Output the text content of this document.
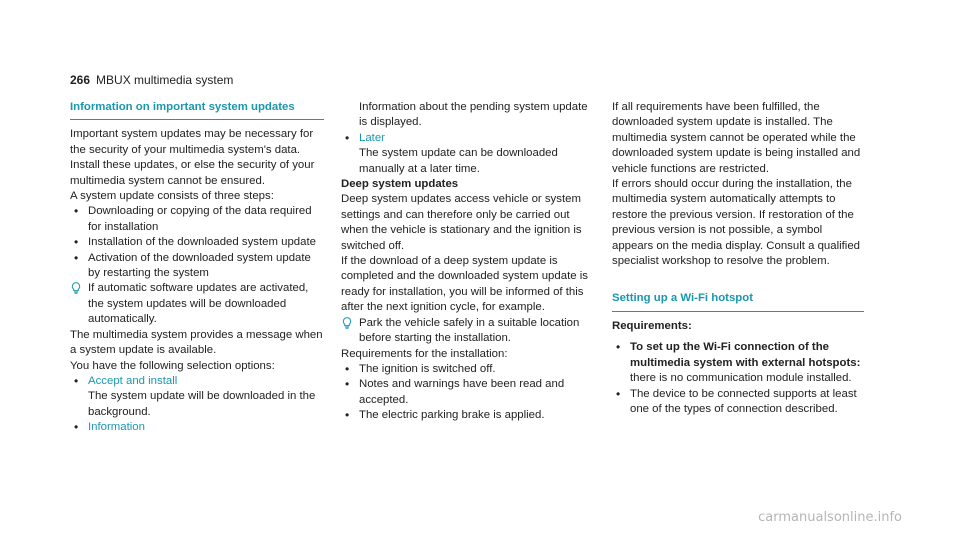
266 MBUX multimedia system
Information on important system updates

Important system updates may be necessary for the security of your multimedia system's data. Install these updates, or else the security of your multimedia system cannot be ensured.

A system update consists of three steps:

• Downloading or copying of the data required for installation
• Installation of the downloaded system update
• Activation of the downloaded system update by restarting the system
If automatic software updates are activated, the system updates will be downloaded automatically.

The multimedia system provides a message when a system update is available.

You have the following selection options:

• Accept and install

The system update will be downloaded in the background.

• Information

Information about the pending system update is displayed.

• Later

The system update can be downloaded manually at a later time.

Deep system updates

Deep system updates access vehicle or system settings and can therefore only be carried out when the vehicle is stationary and the ignition is switched off.

If the download of a deep system update is completed and the downloaded system update is ready for installation, you will be informed of this after the next ignition cycle, for example.

Park the vehicle safely in a suitable location before starting the installation.

Requirements for the installation:

• The ignition is switched off.
• Notes and warnings have been read and accepted.
• The electric parking brake is applied.

If all requirements have been fulfilled, the downloaded system update is installed. The multimedia system cannot be operated while the downloaded system update is being installed and vehicle functions are restricted.

If errors should occur during the installation, the multimedia system automatically attempts to restore the previous version. If restoration of the previous version is not possible, a symbol appears on the media display. Consult a qualified specialist workshop to resolve the problem.

Setting up a Wi-Fi hotspot

Requirements:

• To set up the Wi-Fi connection of the multimedia system with external hotspots:
there is no communication module installed.
• The device to be connected supports at least one of the types of connection described.
carmanualsonline.info
